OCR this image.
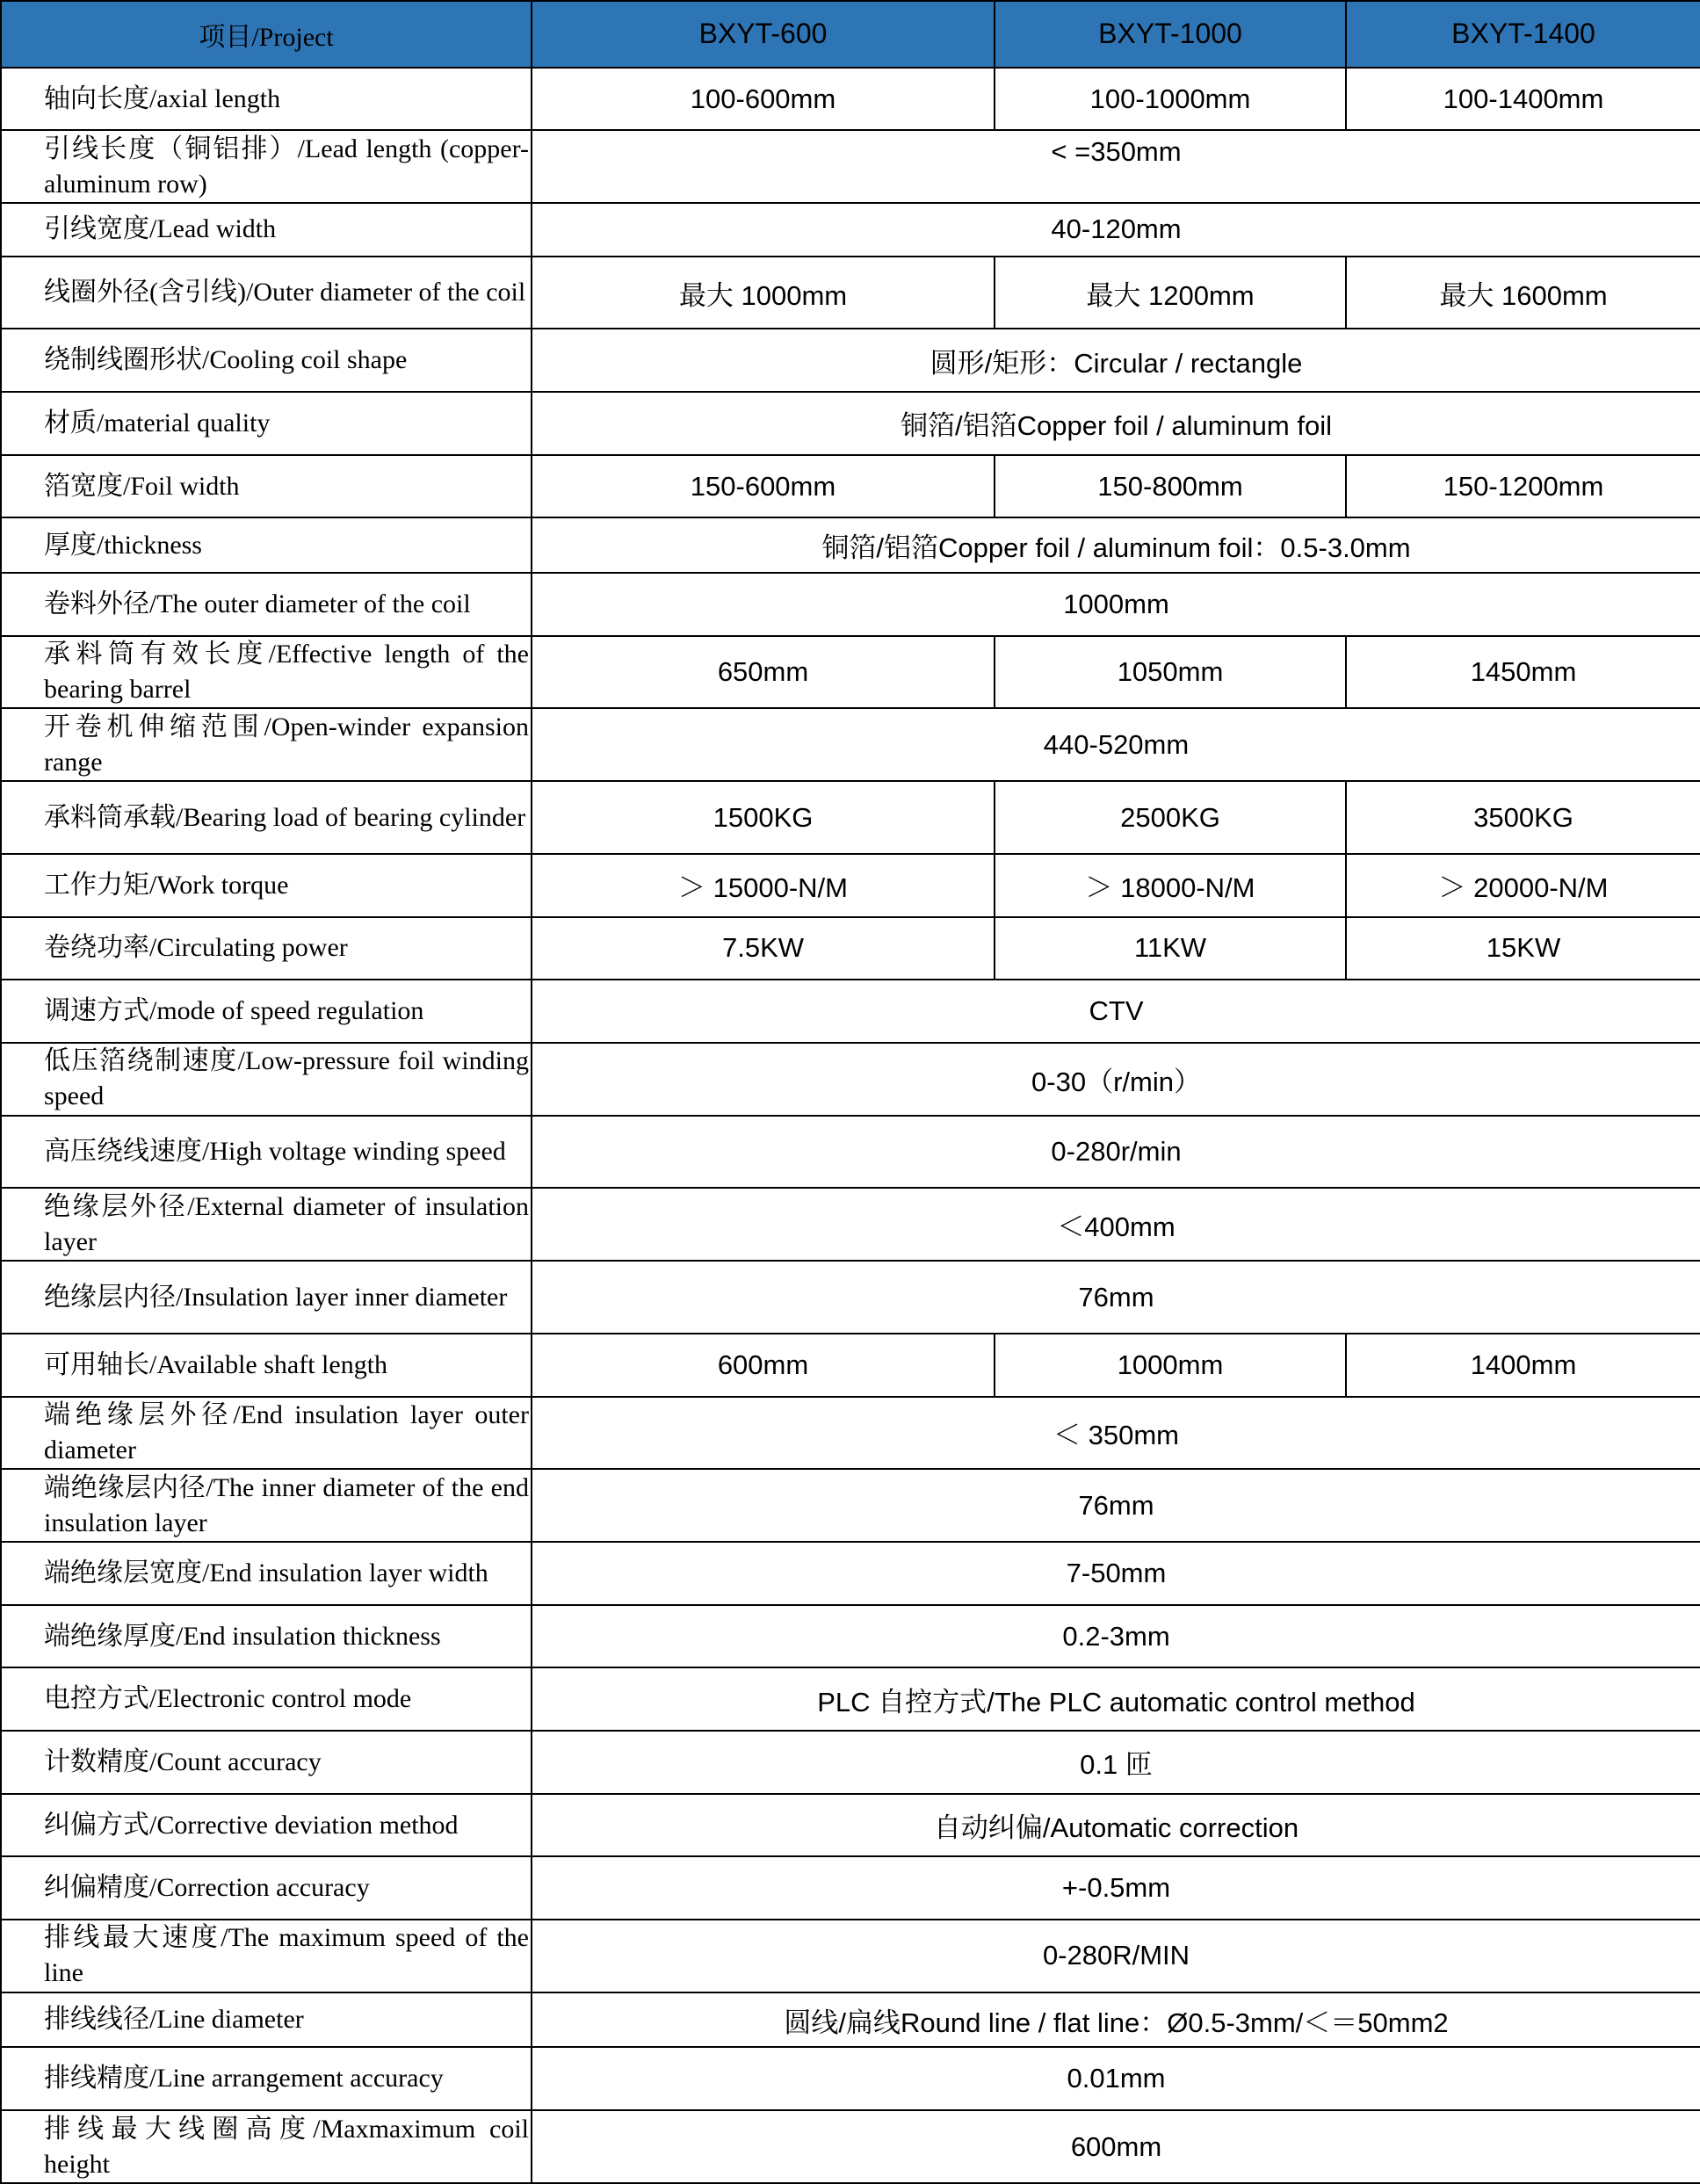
项目/Project	BXYT-600	BXYT-1000	BXYT-1400

轴向长度/axial length	100-600mm	100-1000mm	100-1400mm

引线长度（铜铝排）/Lead length (copper-aluminum row)	< =350mm		

引线宽度/Lead width	40-120mm		

线圈外径(含引线)/Outer diameter of the coil	最大 1000mm	最大 1200mm	最大 1600mm

绕制线圈形状/Cooling coil shape	圆形/矩形：Circular / rectangle		

材质/material quality	铜箔/铝箔Copper foil / aluminum foil		

箔宽度/Foil width	150-600mm	150-800mm	150-1200mm

厚度/thickness	铜箔/铝箔Copper foil / aluminum foil：0.5-3.0mm		

卷料外径/The outer diameter of the coil	1000mm		

承料筒有效长度/Effective length of the bearing barrel	650mm	1050mm	1450mm

开卷机伸缩范围/Open-winder expansion range	440-520mm		

承料筒承载/Bearing load of bearing cylinder	1500KG	2500KG	3500KG

工作力矩/Work torque	＞ 15000-N/M	＞ 18000-N/M	＞ 20000-N/M

卷绕功率/Circulating power	7.5KW	11KW	15KW

调速方式/mode of speed regulation	CTV		

低压箔绕制速度/Low-pressure foil winding speed	0-30（r/min）		

高压绕线速度/High voltage winding speed	0-280r/min		

绝缘层外径/External diameter of insulation layer	＜400mm		

绝缘层内径/Insulation layer inner diameter	76mm		

可用轴长/Available shaft length	600mm	1000mm	1400mm

端绝缘层外径/End insulation layer outer diameter	＜ 350mm		

端绝缘层内径/The inner diameter of the end insulation layer	76mm		

端绝缘层宽度/End insulation layer width	7-50mm		

端绝缘厚度/End insulation thickness	0.2-3mm		

电控方式/Electronic control mode	PLC 自控方式/The PLC automatic control method		

计数精度/Count accuracy	0.1 匝		

纠偏方式/Corrective deviation method	自动纠偏/Automatic correction		

纠偏精度/Correction accuracy	+-0.5mm		

排线最大速度/The maximum speed of the line	0-280R/MIN		

排线线径/Line diameter	圆线/扁线Round line / flat line：Ø0.5-3mm/＜＝50mm2		

排线精度/Line arrangement accuracy	0.01mm		

排线最大线圈高度/Maxmaximum coil height	600mm		
